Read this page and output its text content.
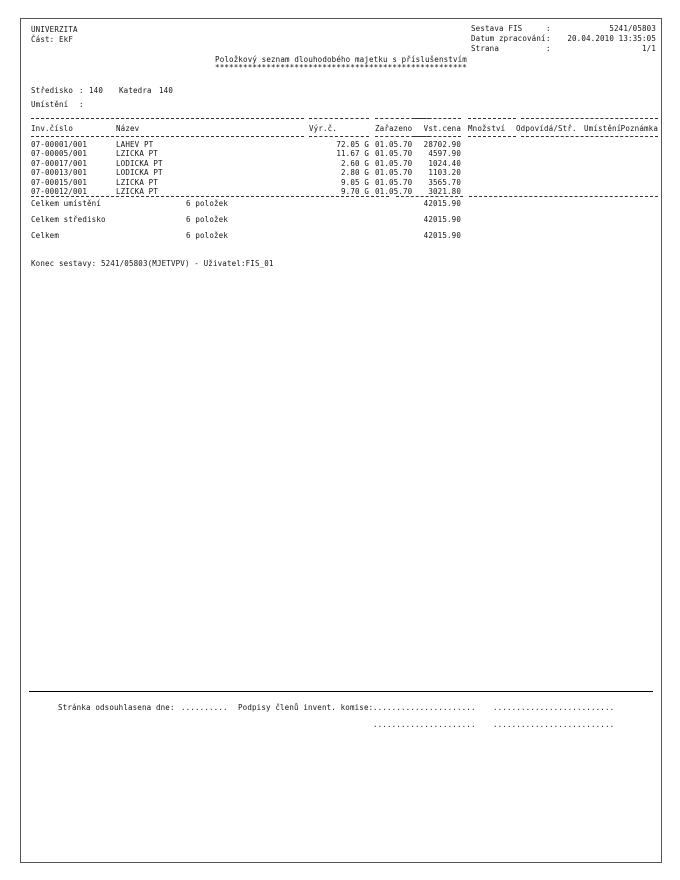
UNIVERZITA
Část: EkF
Sestava FIS	:	5241/05803
Datum zpracování :	20.04.2010 13:35:05
Strana	:	1/1
Položkový seznam dlouhodobého majetku s příslušenstvím
******************************************************
Středisko : 140 Katedra 140
Umístění :
Inv.číslo	Název	Výr.č.	Zařazeno	Vst.cena Množství	Odpovídá/Stř. Umístění Poznámka
07-00001/001	LAHEV PT	72.05 G 01.05.70	28702.90
07-00005/001	LZICKA PT	11.67 G 01.05.70	4597.90
07-00017/001	LODICKA PT	2.60 G 01.05.70	1024.40
07-00013/001	LODICKA PT	2.80 G 01.05.70	1103.20
07-00015/001	LZICKA PT	9.05 G 01.05.70	3565.70
07-00012/001	LZICKA PT	9.70 G 01.05.70	3021.80
Celkem umístění	6 položek	42015.90
Celkem středisko	6 položek	42015.90
Celkem	6 položek	42015.90
Konec sestavy: 5241/05803(MJETVPV) - Uživatel:FIS_01
Stránka odsouhlasena dne: .......... Podpisy členů invent. komise: ...................... ..........................
...................... ..........................
